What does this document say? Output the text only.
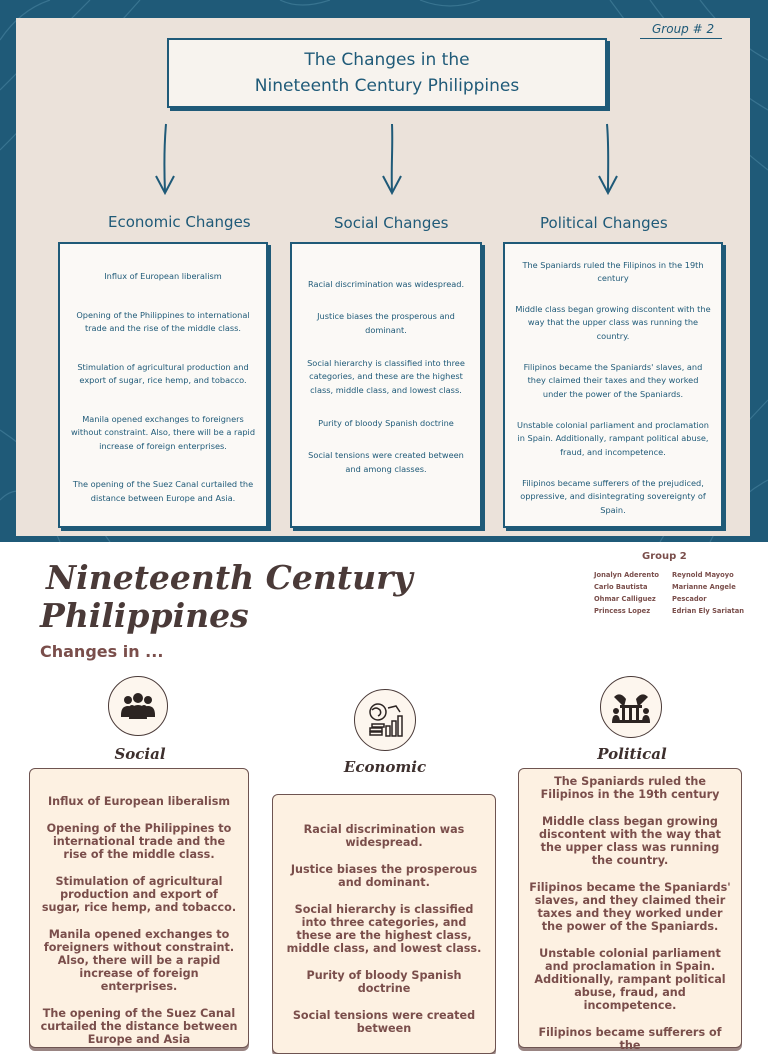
Group # 2
The Changes in the
Nineteenth Century Philippines
Economic Changes	Social Changes	Political Changes

Influx of European liberalism

Opening of the Philippines to international trade and the rise of the middle class.

Stimulation of agricultural production and export of sugar, rice hemp, and tobacco.

Manila opened exchanges to foreigners without constraint. Also, there will be a rapid increase of foreign enterprises.

The opening of the Suez Canal curtailed the distance between Europe and Asia.

Racial discrimination was widespread.

Justice biases the prosperous and dominant.

Social hierarchy is classified into three categories, and these are the highest class, middle class, and lowest class.

Purity of bloody Spanish doctrine

Social tensions were created between and among classes.

The Spaniards ruled the Filipinos in the 19th century

Middle class began growing discontent with the way that the upper class was running the country.

Filipinos became the Spaniards' slaves, and they claimed their taxes and they worked under the power of the Spaniards.

Unstable colonial parliament and proclamation in Spain. Additionally, rampant political abuse, fraud, and incompetence.

Filipinos became sufferers of the prejudiced, oppressive, and disintegrating sovereignty of Spain.

Nineteenth Century
Philippines
Changes in ...
Group 2
Jonalyn Aderento
Carlo Bautista
Ohmar Calliguez
Princess Lopez
Reynold Mayoyo
Marianne Angele Pescador
Edrian Ely Sariatan
Social
Economic
Political

Influx of European liberalism

Opening of the Philippines to international trade and the rise of the middle class.

Stimulation of agricultural production and export of sugar, rice hemp, and tobacco.

Manila opened exchanges to foreigners without constraint. Also, there will be a rapid increase of foreign enterprises.

The opening of the Suez Canal curtailed the distance between Europe and Asia

Racial discrimination was widespread.

Justice biases the prosperous and dominant.

Social hierarchy is classified into three categories, and these are the highest class, middle class, and lowest class.

Purity of bloody Spanish doctrine

Social tensions were created between

The Spaniards ruled the Filipinos in the 19th century

Middle class began growing discontent with the way that the upper class was running the country.

Filipinos became the Spaniards' slaves, and they claimed their taxes and they worked under the power of the Spaniards.

Unstable colonial parliament and proclamation in Spain. Additionally, rampant political abuse, fraud, and incompetence.

Filipinos became sufferers of the
